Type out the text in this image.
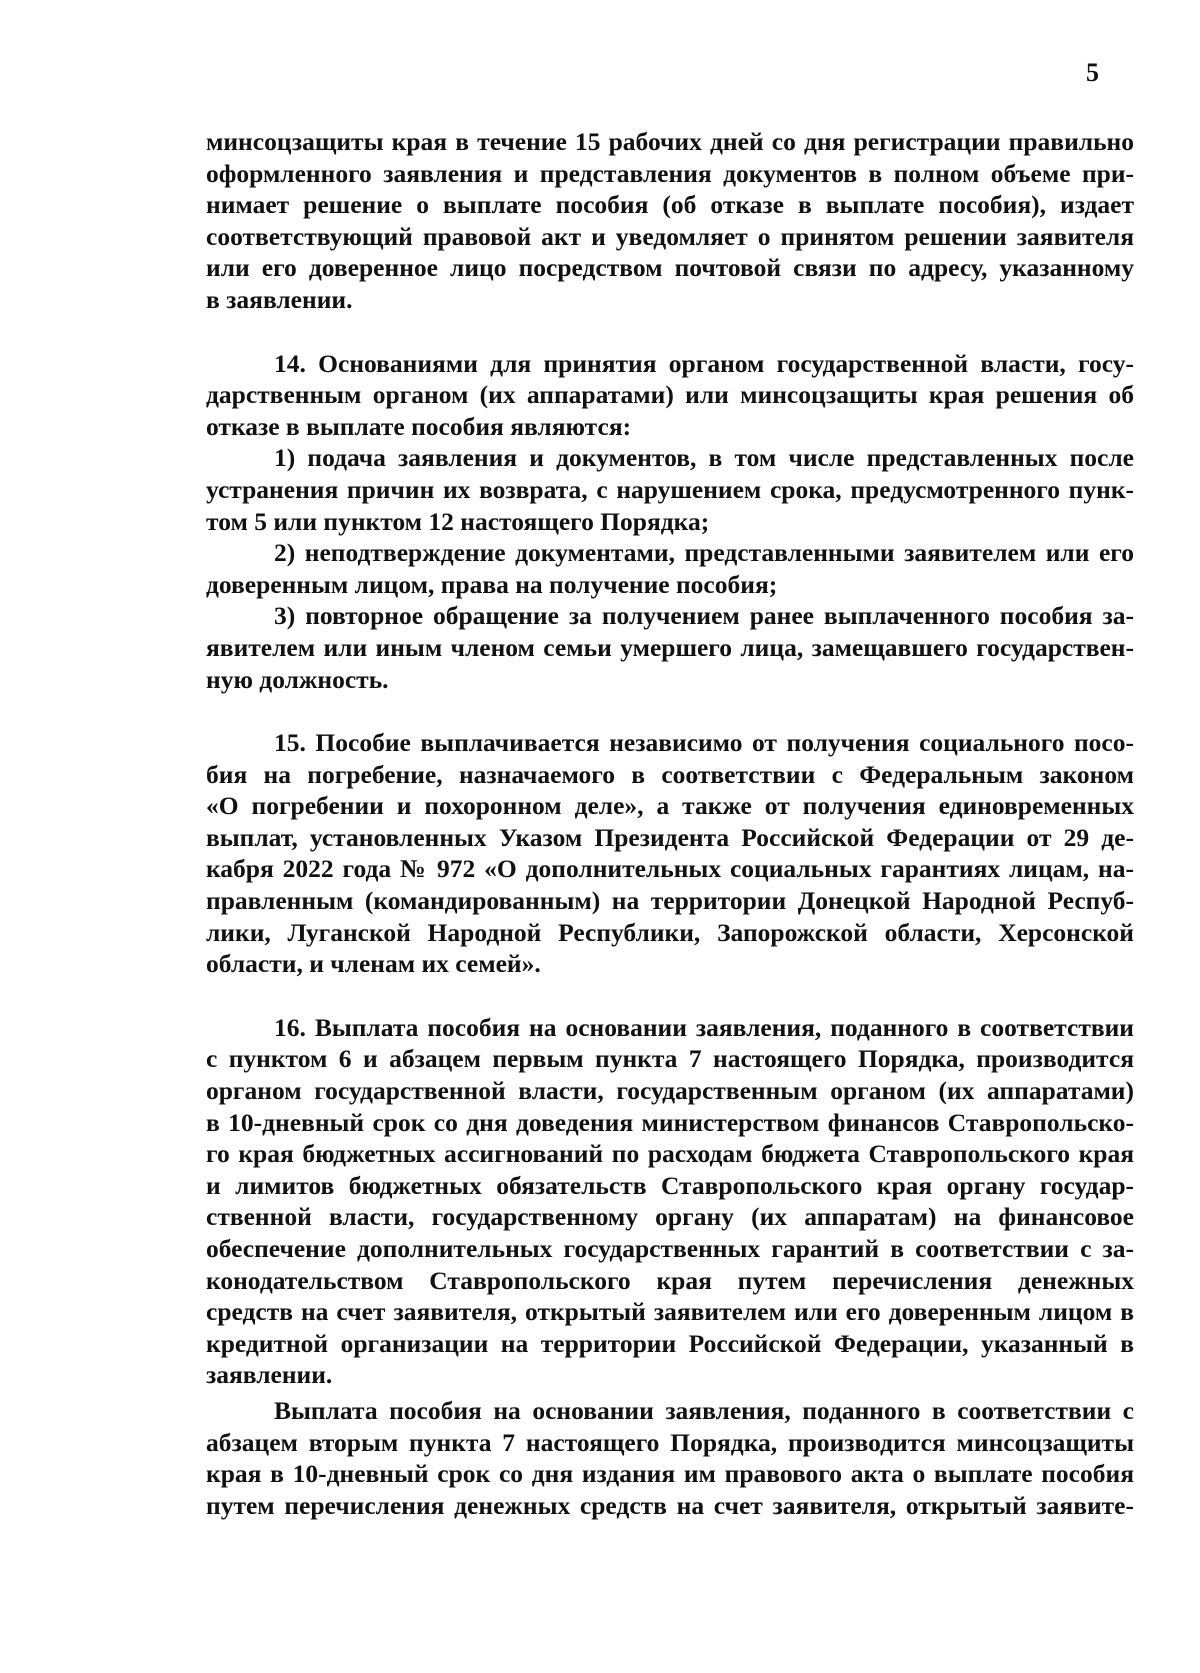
5
минсоцзащиты края в течение 15 рабочих дней со дня регистрации правильно
оформленного заявления и представления документов в полном объеме при-
нимает решение о выплате пособия (об отказе в выплате пособия), издает
соответствующий правовой акт и уведомляет о принятом решении заявителя
или его доверенное лицо посредством почтовой связи по адресу, указанному
в заявлении.
14. Основаниями для принятия органом государственной власти, госу-
дарственным органом (их аппаратами) или минсоцзащиты края решения об
отказе в выплате пособия являются:
1) подача заявления и документов, в том числе представленных после
устранения причин их возврата, с нарушением срока, предусмотренного пунк-
том 5 или пунктом 12 настоящего Порядка;
2) неподтверждение документами, представленными заявителем или его
доверенным лицом, права на получение пособия;
3) повторное обращение за получением ранее выплаченного пособия за-
явителем или иным членом семьи умершего лица, замещавшего государствен-
ную должность.
15. Пособие выплачивается независимо от получения социального посо-
бия на погребение, назначаемого в соответствии с Федеральным законом
«О погребении и похоронном деле», а также от получения единовременных
выплат, установленных Указом Президента Российской Федерации от 29 де-
кабря 2022 года № 972 «О дополнительных социальных гарантиях лицам, на-
правленным (командированным) на территории Донецкой Народной Респуб-
лики, Луганской Народной Республики, Запорожской области, Херсонской
области, и членам их семей».
16. Выплата пособия на основании заявления, поданного в соответствии
с пунктом 6 и абзацем первым пункта 7 настоящего Порядка, производится
органом государственной власти, государственным органом (их аппаратами)
в 10-дневный срок со дня доведения министерством финансов Ставропольско-
го края бюджетных ассигнований по расходам бюджета Ставропольского края
и лимитов бюджетных обязательств Ставропольского края органу государ-
ственной власти, государственному органу (их аппаратам) на финансовое
обеспечение дополнительных государственных гарантий в соответствии с за-
конодательством Ставропольского края путем перечисления денежных
средств на счет заявителя, открытый заявителем или его доверенным лицом в
кредитной организации на территории Российской Федерации, указанный в
заявлении.
Выплата пособия на основании заявления, поданного в соответствии с
абзацем вторым пункта 7 настоящего Порядка, производится минсоцзащиты
края в 10-дневный срок со дня издания им правового акта о выплате пособия
путем перечисления денежных средств на счет заявителя, открытый заявите-
